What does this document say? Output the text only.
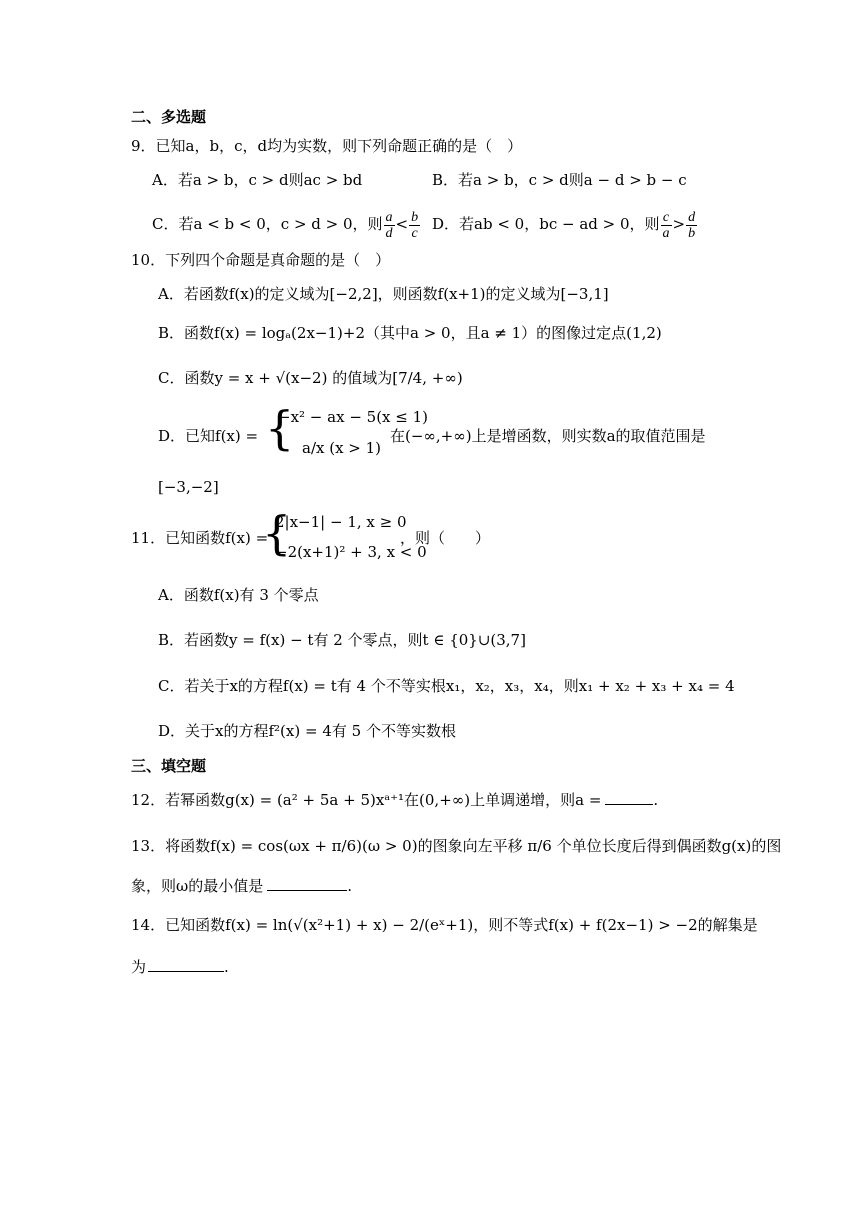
二、多选题
9．已知a，b，c，d均为实数，则下列命题正确的是（　）
A．若a > b，c > d则ac > bd	B．若a > b，c > d则a − d > b − c
C．若a < b < 0，c > d > 0，则 $\frac{a}{d} < \frac{b}{c}$ D．若ab < 0，bc − ad > 0，则 $\frac{c}{a} > \frac{d}{b}$
10．下列四个命题是真命题的是（　）
A．若函数f(x)的定义域为[−2,2]，则函数f(x+1)的定义域为[−3,1]
B．函数f(x) = logₐ(2x−1)+2（其中a > 0，且a ≠ 1）的图像过定点(1,2)
C．函数y = x + √(x−2) 的值域为[7/4, +∞)
D．已知f(x) = {
−x² − ax − 5(x ≤ 1)
a/x (x > 1)
在(−∞,+∞)上是增函数，则实数a的取值范围是
[−3,−2]
11．已知函数f(x) =
{
2|x−1| − 1, x ≥ 0
−2(x+1)² + 3, x < 0
，则（　　）
A．函数f(x)有 3 个零点
B．若函数y = f(x) − t有 2 个零点，则t ∈ {0}∪(3,7]
C．若关于x的方程f(x) = t有 4 个不等实根x₁，x₂，x₃，x₄，则x₁ + x₂ + x₃ + x₄ = 4
D．关于x的方程f²(x) = 4有 5 个不等实数根
三、填空题
12．若幂函数g(x) = (a² + 5a + 5)xᵃ⁺¹在(0,+∞)上单调递增，则a =	.
13．将函数f(x) = cos(ωx + π/6)(ω > 0)的图象向左平移 π/6 个单位长度后得到偶函数g(x)的图
象，则ω的最小值是	.
14．已知函数f(x) = ln(√(x²+1) + x) − 2/(eˣ+1)，则不等式f(x) + f(2x−1) > −2的解集是
为	.
